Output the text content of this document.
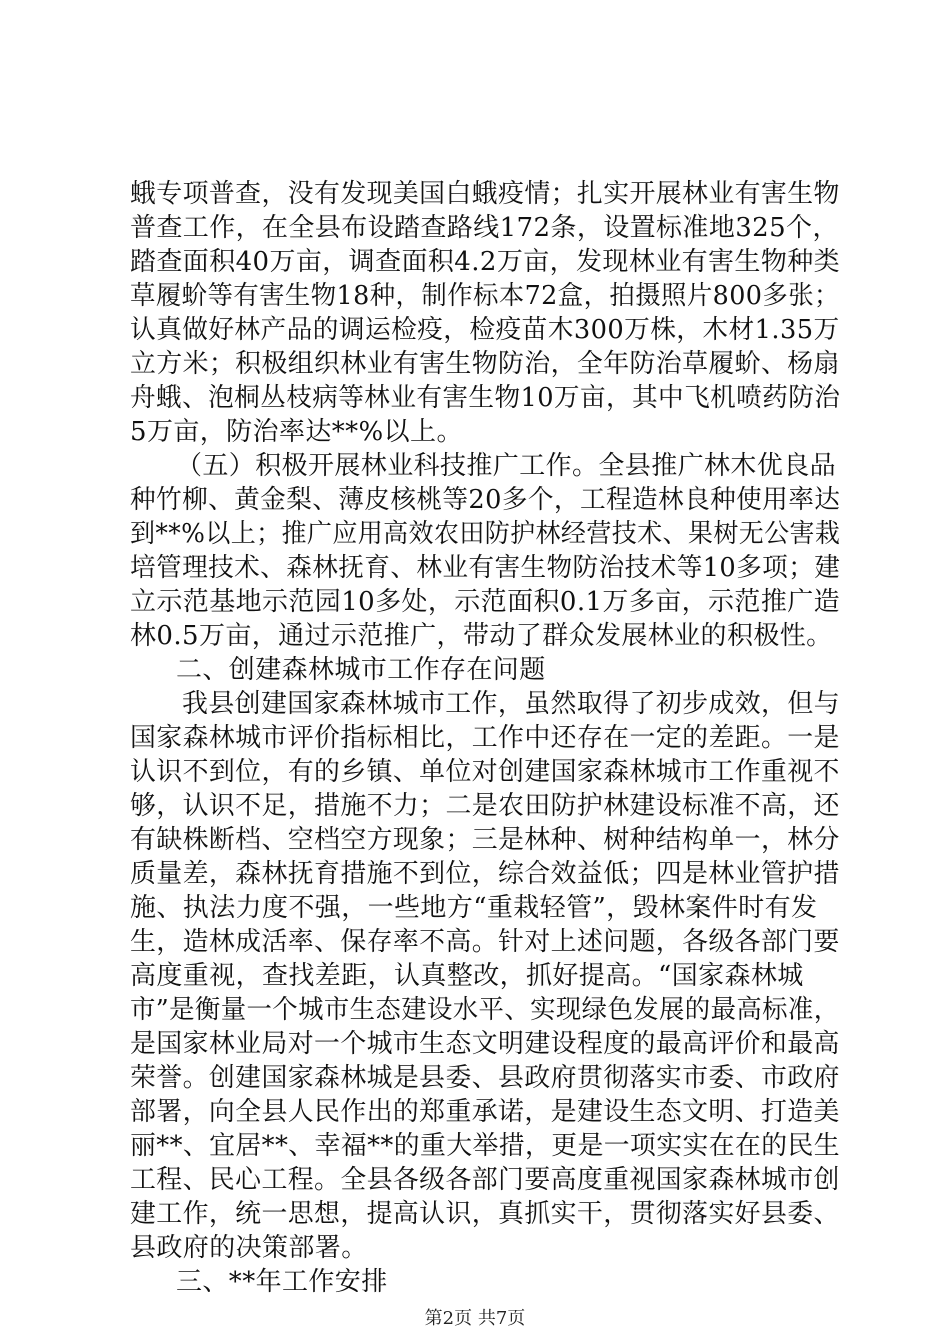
蛾专项普查，没有发现美国白蛾疫情；扎实开展林业有害生物
普查工作，在全县布设踏查路线172条，设置标准地325个，
踏查面积40万亩，调查面积4.2万亩，发现林业有害生物种类
草履蚧等有害生物18种，制作标本72盒，拍摄照片800多张；
认真做好林产品的调运检疫，检疫苗木300万株，木材1.35万
立方米；积极组织林业有害生物防治，全年防治草履蚧、杨扇
舟蛾、泡桐丛枝病等林业有害生物10万亩，其中飞机喷药防治
5万亩，防治率达**%以上。
（五）积极开展林业科技推广工作。全县推广林木优良品
种竹柳、黄金梨、薄皮核桃等20多个，工程造林良种使用率达
到**%以上；推广应用高效农田防护林经营技术、果树无公害栽
培管理技术、森林抚育、林业有害生物防治技术等10多项；建
立示范基地示范园10多处，示范面积0.1万多亩，示范推广造
林0.5万亩，通过示范推广，带动了群众发展林业的积极性。
二、创建森林城市工作存在问题
我县创建国家森林城市工作，虽然取得了初步成效，但与
国家森林城市评价指标相比，工作中还存在一定的差距。一是
认识不到位，有的乡镇、单位对创建国家森林城市工作重视不
够，认识不足，措施不力；二是农田防护林建设标准不高，还
有缺株断档、空档空方现象；三是林种、树种结构单一，林分
质量差，森林抚育措施不到位，综合效益低；四是林业管护措
施、执法力度不强，一些地方“重栽轻管”，毁林案件时有发
生，造林成活率、保存率不高。针对上述问题，各级各部门要
高度重视，查找差距，认真整改，抓好提高。“国家森林城
市”是衡量一个城市生态建设水平、实现绿色发展的最高标准，
是国家林业局对一个城市生态文明建设程度的最高评价和最高
荣誉。创建国家森林城是县委、县政府贯彻落实市委、市政府
部署，向全县人民作出的郑重承诺，是建设生态文明、打造美
丽**、宜居**、幸福**的重大举措，更是一项实实在在的民生
工程、民心工程。全县各级各部门要高度重视国家森林城市创
建工作，统一思想，提高认识，真抓实干，贯彻落实好县委、
县政府的决策部署。
三、**年工作安排
第2页 共7页
